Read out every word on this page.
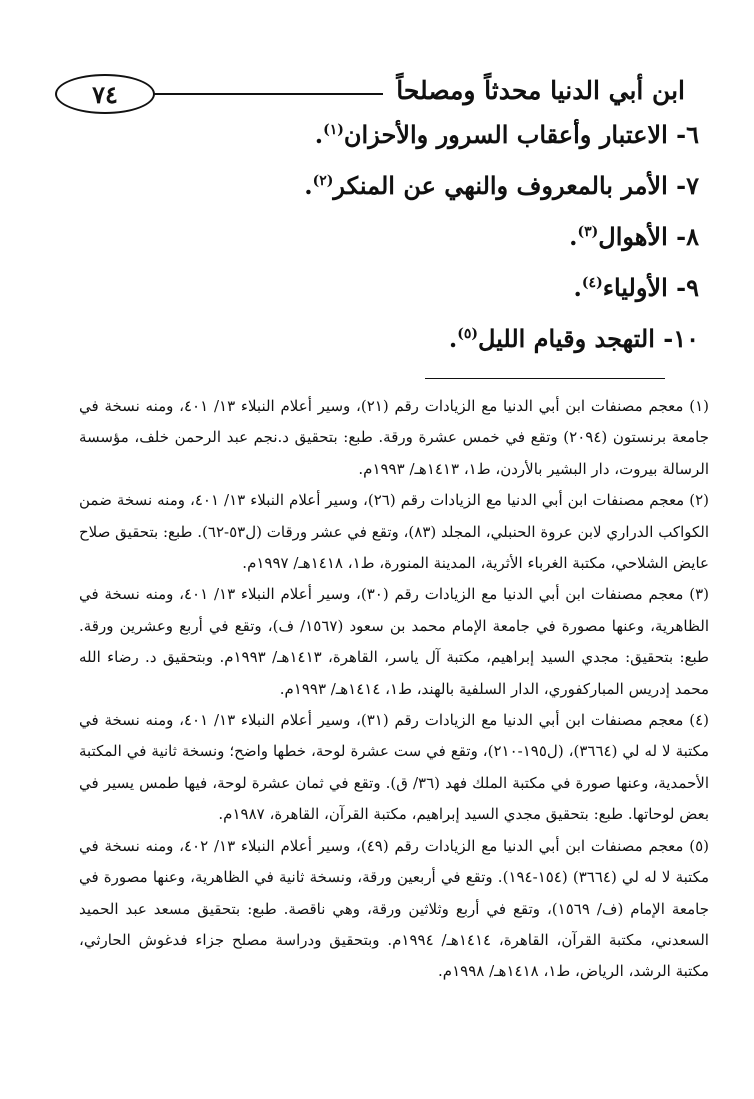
٧٤	ابن أبي الدنيا محدثاً ومصلحاً
٦- الاعتبار وأعقاب السرور والأحزان$^{(١)}$.
٧- الأمر بالمعروف والنهي عن المنكر$^{(٢)}$.
٨- الأهوال$^{(٣)}$.
٩- الأولياء$^{(٤)}$.
١٠- التهجد وقيام الليل$^{(٥)}$.

(١) معجم مصنفات ابن أبي الدنيا مع الزيادات رقم (٢١)، وسير أعلام النبلاء ١٣/ ٤٠١، ومنه نسخة في جامعة برنستون (٢٠٩٤) وتقع في خمس عشرة ورقة. طبع: بتحقيق د.نجم عبد الرحمن خلف، مؤسسة الرسالة بيروت، دار البشير بالأردن، ط١، ١٤١٣هـ/ ١٩٩٣م.

(٢) معجم مصنفات ابن أبي الدنيا مع الزيادات رقم (٢٦)، وسير أعلام النبلاء ١٣/ ٤٠١، ومنه نسخة ضمن الكواكب الدراري لابن عروة الحنبلي، المجلد (٨٣)، وتقع في عشر ورقات (ل٥٣-٦٢). طبع: بتحقيق صلاح عايض الشلاحي، مكتبة الغرباء الأثرية، المدينة المنورة، ط١، ١٤١٨هـ/ ١٩٩٧م.

(٣) معجم مصنفات ابن أبي الدنيا مع الزيادات رقم (٣٠)، وسير أعلام النبلاء ١٣/ ٤٠١، ومنه نسخة في الظاهرية، وعنها مصورة في جامعة الإمام محمد بن سعود (١٥٦٧/ ف)، وتقع في أربع وعشرين ورقة. طبع: بتحقيق: مجدي السيد إبراهيم، مكتبة آل ياسر، القاهرة، ١٤١٣هـ/ ١٩٩٣م. وبتحقيق د. رضاء الله محمد إدريس المباركفوري، الدار السلفية بالهند، ط١، ١٤١٤هـ/ ١٩٩٣م.

(٤) معجم مصنفات ابن أبي الدنيا مع الزيادات رقم (٣١)، وسير أعلام النبلاء ١٣/ ٤٠١، ومنه نسخة في مكتبة لا له لي (٣٦٦٤)، (ل١٩٥-٢١٠)، وتقع في ست عشرة لوحة، خطها واضح؛ ونسخة ثانية في المكتبة الأحمدية، وعنها صورة في مكتبة الملك فهد (٣٦/ ق). وتقع في ثمان عشرة لوحة، فيها طمس يسير في بعض لوحاتها. طبع: بتحقيق مجدي السيد إبراهيم، مكتبة القرآن، القاهرة، ١٩٨٧م.

(٥) معجم مصنفات ابن أبي الدنيا مع الزيادات رقم (٤٩)، وسير أعلام النبلاء ١٣/ ٤٠٢، ومنه نسخة في مكتبة لا له لي (٣٦٦٤) (١٥٤-١٩٤). وتقع في أربعين ورقة، ونسخة ثانية في الظاهرية، وعنها مصورة في جامعة الإمام (ف/ ١٥٦٩)، وتقع في أربع وثلاثين ورقة، وهي ناقصة. طبع: بتحقيق مسعد عبد الحميد السعدني، مكتبة القرآن، القاهرة، ١٤١٤هـ/ ١٩٩٤م. وبتحقيق ودراسة مصلح جزاء فدغوش الحارثي، مكتبة الرشد، الرياض، ط١، ١٤١٨هـ/ ١٩٩٨م.
